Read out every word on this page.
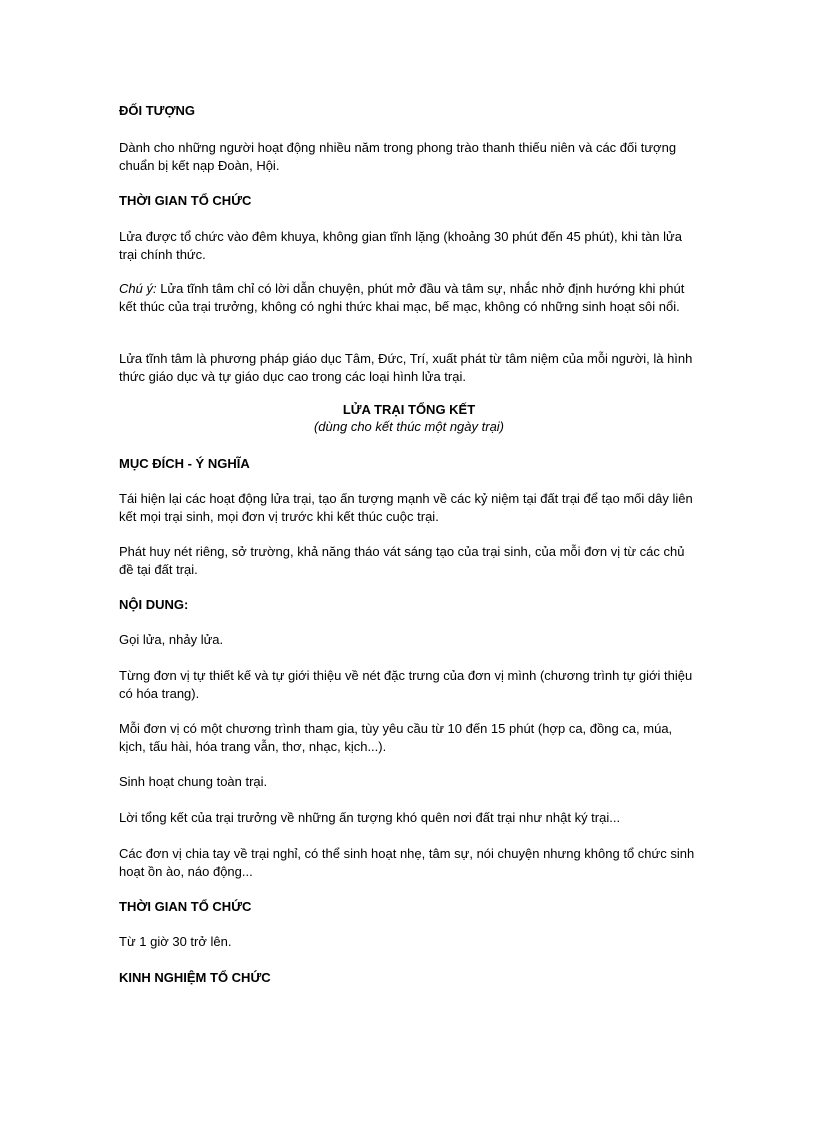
ĐỐI TƯỢNG

Dành cho những người hoạt động nhiều năm trong phong trào thanh thiếu niên và các đối tượng chuẩn bị kết nạp Đoàn, Hội.

THỜI GIAN TỔ CHỨC

Lửa được tổ chức vào đêm khuya, không gian tĩnh lặng (khoảng 30 phút đến 45 phút), khi tàn lửa trại chính thức.

Chú ý: Lửa tĩnh tâm chỉ có lời dẫn chuyện, phút mở đầu và tâm sự, nhắc nhở định hướng khi phút kết thúc của trại trưởng, không có nghi thức khai mạc, bế mạc, không có những sinh hoạt sôi nổi.

Lửa tĩnh tâm là phương pháp giáo dục Tâm, Đức, Trí, xuất phát từ tâm niệm của mỗi người, là hình thức giáo dục và tự giáo dục cao trong các loại hình lửa trại.

LỬA TRẠI TỔNG KẾT
(dùng cho kết thúc một ngày trại)
MỤC ĐÍCH - Ý NGHĨA

Tái hiện lại các hoạt động lửa trại, tạo ấn tượng mạnh về các kỷ niệm tại đất trại để tạo mối dây liên kết mọi trại sinh, mọi đơn vị trước khi kết thúc cuộc trại.

Phát huy nét riêng, sở trường, khả năng tháo vát sáng tạo của trại sinh, của mỗi đơn vị từ các chủ đề tại đất trại.

NỘI DUNG:

Gọi lửa, nhảy lửa.

Từng đơn vị tự thiết kế và tự giới thiệu về nét đặc trưng của đơn vị mình (chương trình tự giới thiệu có hóa trang).

Mỗi đơn vị có một chương trình tham gia, tùy yêu cầu từ 10 đến 15 phút (hợp ca, đồng ca, múa, kịch, tấu hài, hóa trang vẫn, thơ, nhạc, kịch...).

Sinh hoạt chung toàn trại.

Lời tổng kết của trại trưởng về những ấn tượng khó quên nơi đất trại như nhật ký trại...

Các đơn vị chia tay về trại nghỉ, có thể sinh hoạt nhẹ, tâm sự, nói chuyện nhưng không tổ chức sinh hoạt ồn ào, náo động...

THỜI GIAN TỔ CHỨC

Từ 1 giờ 30 trở lên.

KINH NGHIỆM TỔ CHỨC
